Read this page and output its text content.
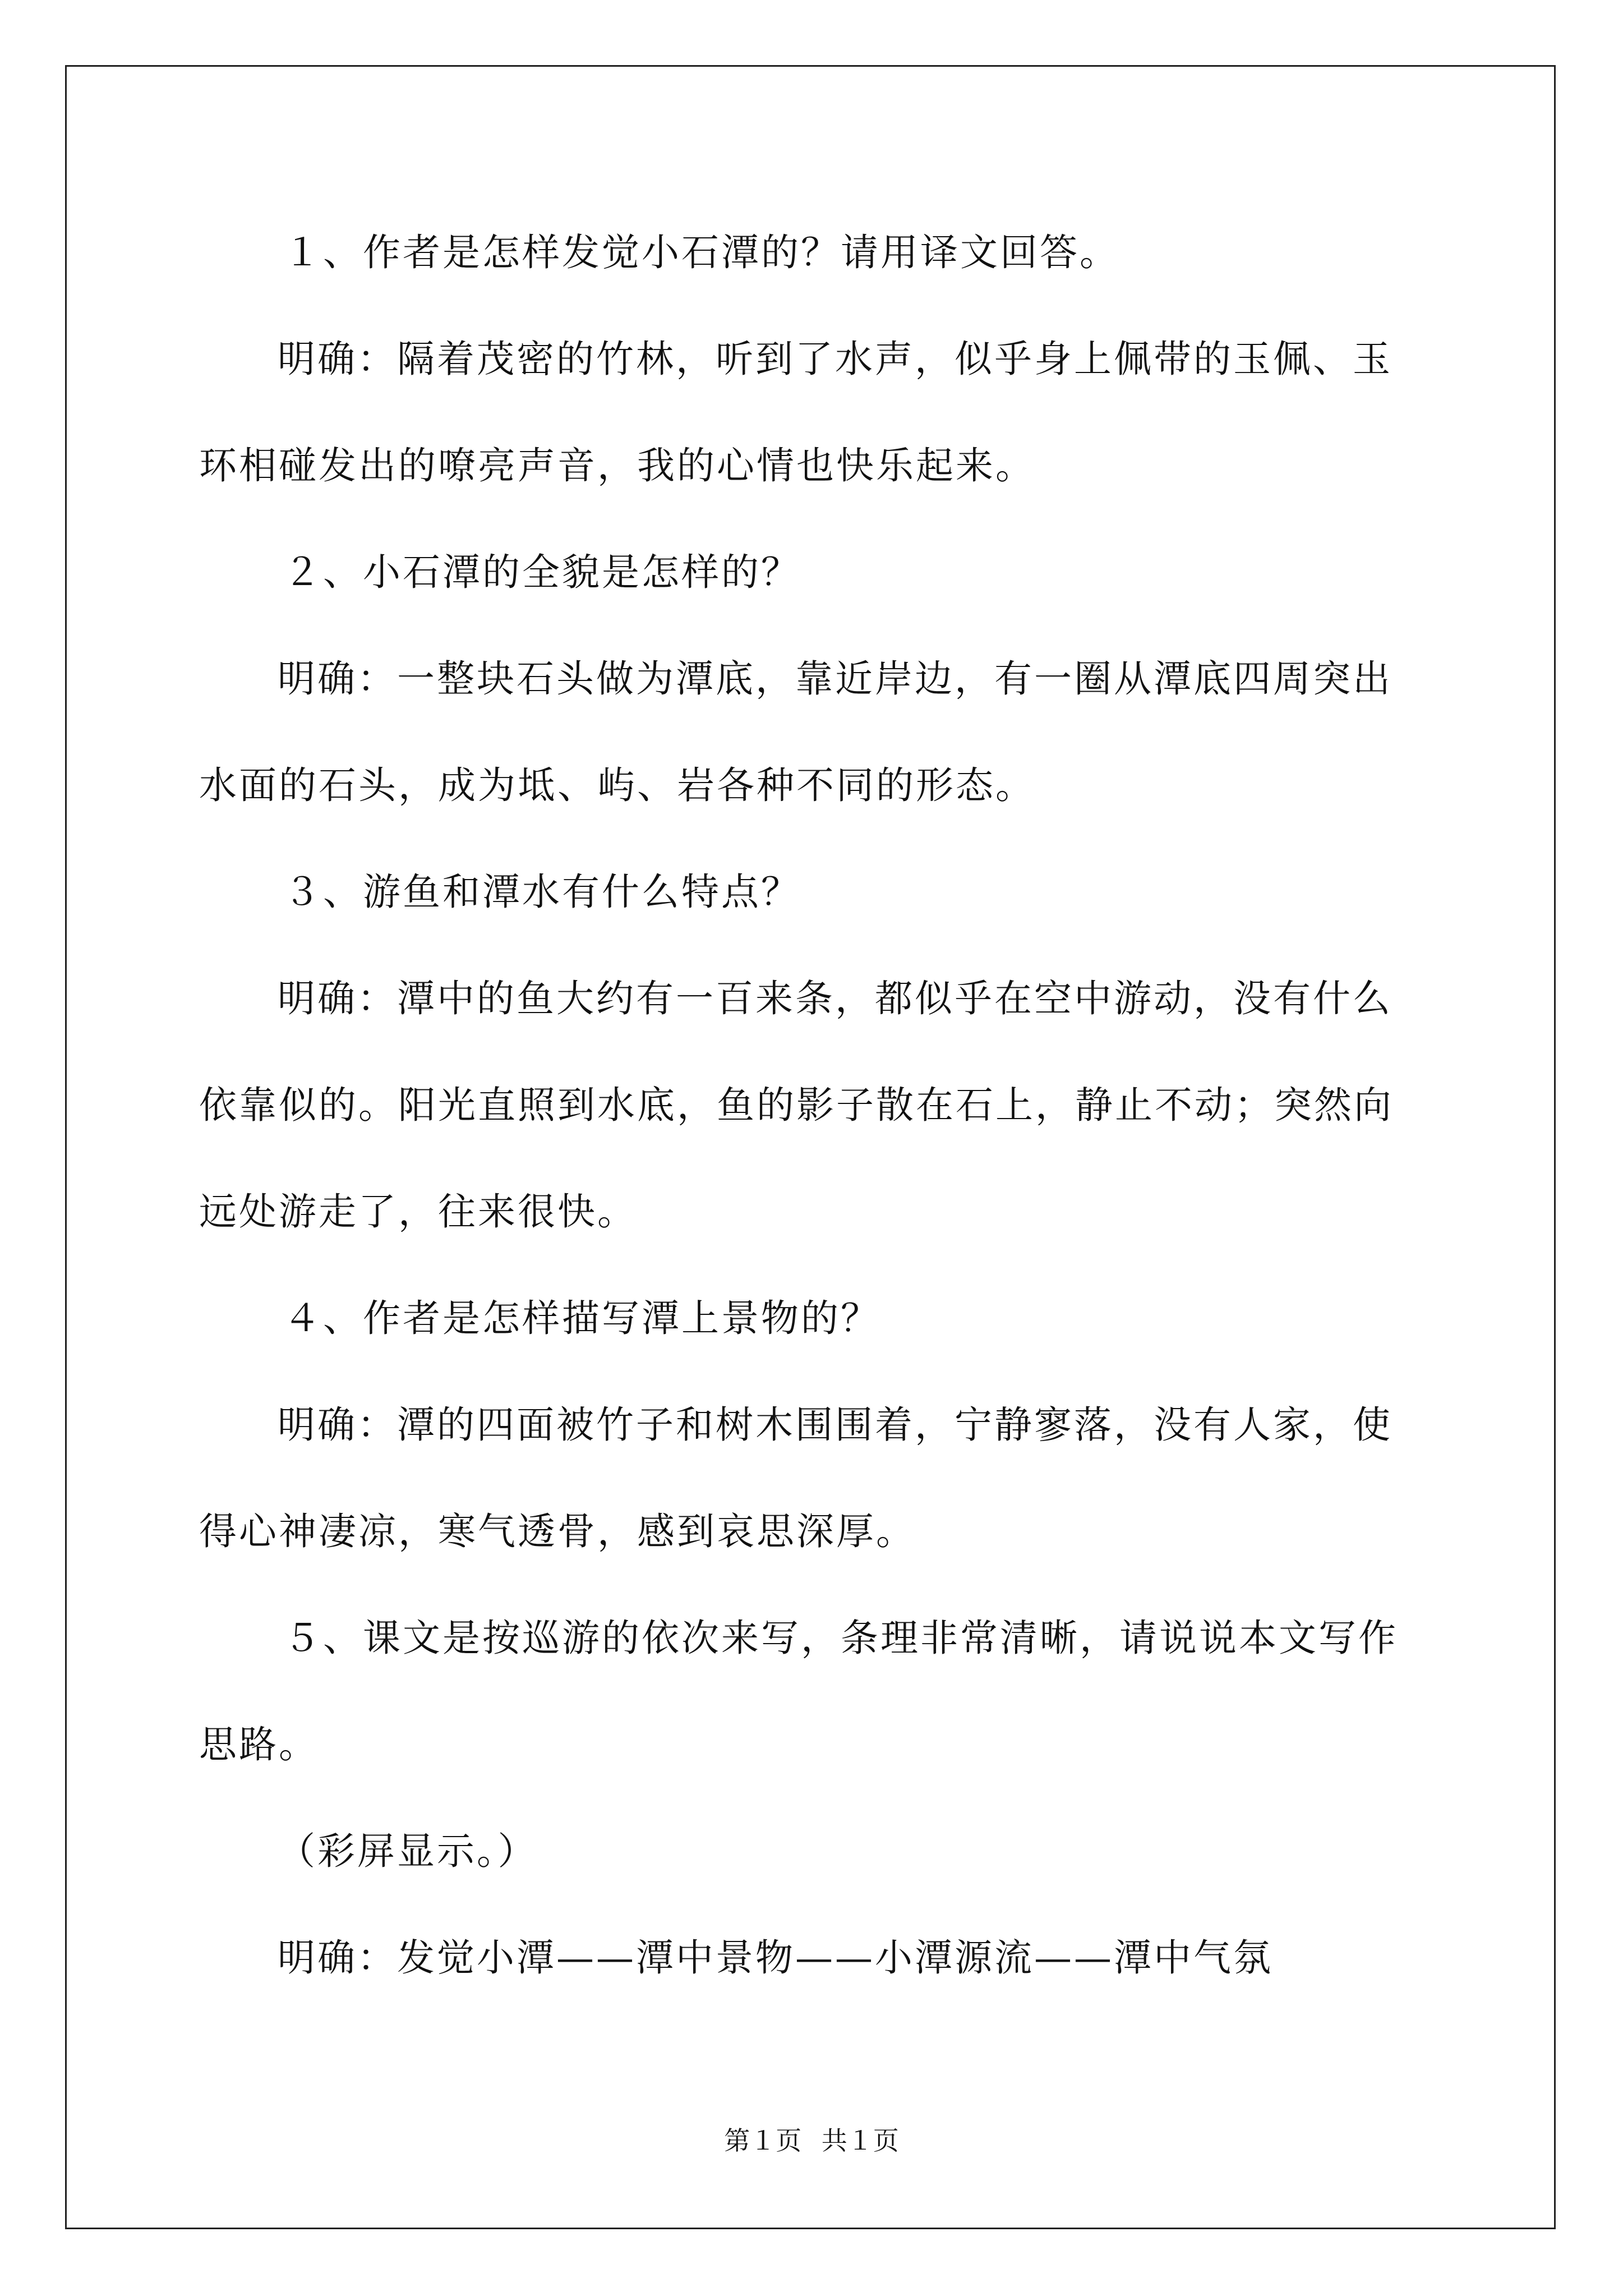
１、作者是怎样发觉小石潭的？请用译文回答。

明确：隔着茂密的竹林，听到了水声，似乎身上佩带的玉佩、玉环相碰发出的嘹亮声音，我的心情也快乐起来。

２、小石潭的全貌是怎样的？

明确：一整块石头做为潭底，靠近岸边，有一圈从潭底四周突出水面的石头，成为坻、屿、岩各种不同的形态。

３、游鱼和潭水有什么特点？

明确：潭中的鱼大约有一百来条，都似乎在空中游动，没有什么依靠似的。阳光直照到水底，鱼的影子散在石上，静止不动；突然向远处游走了，往来很快。

４、作者是怎样描写潭上景物的？

明确：潭的四面被竹子和树木围围着，宁静寥落，没有人家，使得心神凄凉，寒气透骨，感到哀思深厚。

５、课文是按巡游的依次来写，条理非常清晰，请说说本文写作思路。

（彩屏显示。）

明确：发觉小潭——潭中景物——小潭源流——潭中气氛

第１页 共１页
